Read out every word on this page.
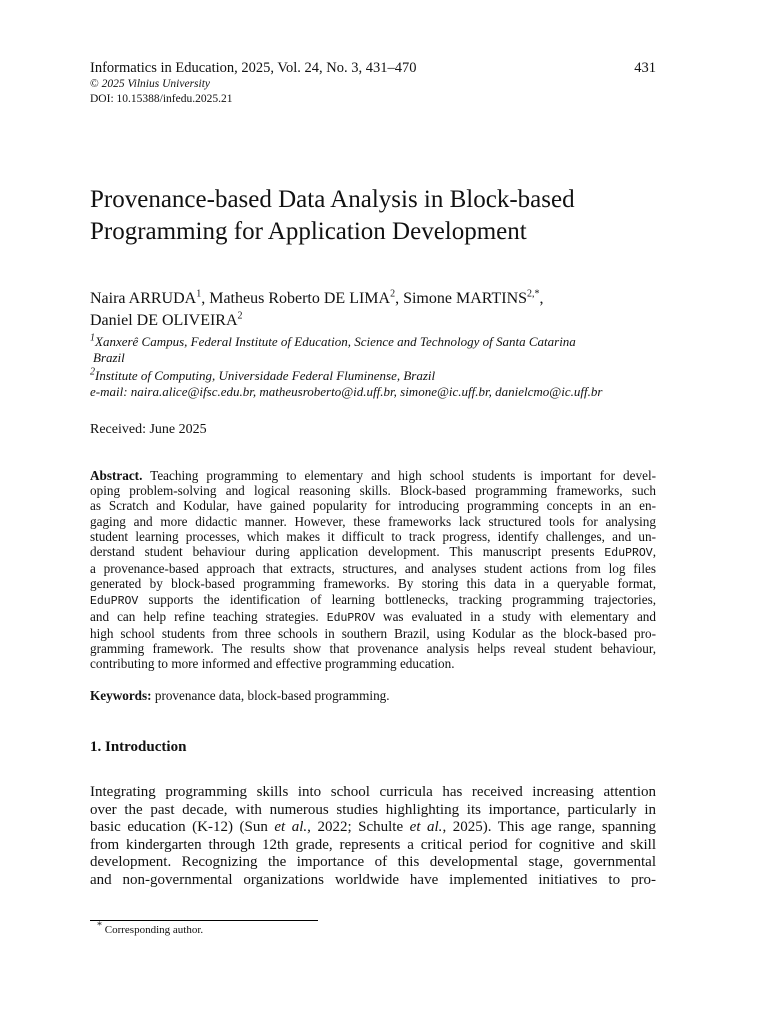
Informatics in Education, 2025, Vol. 24, No. 3, 431–470	431
© 2025 Vilnius University
DOI: 10.15388/infedu.2025.21
Provenance-based Data Analysis in Block-based
Programming for Application Development
Naira ARRUDA$^1$, Matheus Roberto DE LIMA$^2$, Simone $MARTINS^{2,*}$,
Daniel DE OLIVEIRA$^2$
$^1$Xanxerê Campus, Federal Institute of Education, Science and Technology of Santa Catarina
Brazil
$^2$Institute of Computing, Universidade Federal Fluminense, Brazil
e-mail: naira.alice@ifsc.edu.br, matheusroberto@id.uff.br, simone@ic.uff.br, danielcmo@ic.uff.br
Received: June 2025
Abstract. Teaching programming to elementary and high school students is important for devel-
oping problem-solving and logical reasoning skills. Block-based programming frameworks, such
as Scratch and Kodular, have gained popularity for introducing programming concepts in an en-
gaging and more didactic manner. However, these frameworks lack structured tools for analysing
student learning processes, which makes it difficult to track progress, identify challenges, and un-
derstand student behaviour during application development. This manuscript presents EduPROV,
a provenance-based approach that extracts, structures, and analyses student actions from log files
generated by block-based programming frameworks. By storing this data in a queryable format,
EduPROV supports the identification of learning bottlenecks, tracking programming trajectories,
and can help refine teaching strategies. EduPROV was evaluated in a study with elementary and
high school students from three schools in southern Brazil, using Kodular as the block-based pro-
gramming framework. The results show that provenance analysis helps reveal student behaviour,
contributing to more informed and effective programming education.
Keywords: provenance data, block-based programming.
1. Introduction
Integrating programming skills into school curricula has received increasing attention
over the past decade, with numerous studies highlighting its importance, particularly in
basic education (K-12) (Sun et al., 2022; Schulte et al., 2025). This age range, spanning
from kindergarten through 12th grade, represents a critical period for cognitive and skill
development. Recognizing the importance of this developmental stage, governmental
and non-governmental organizations worldwide have implemented initiatives to pro-
* Corresponding author.
